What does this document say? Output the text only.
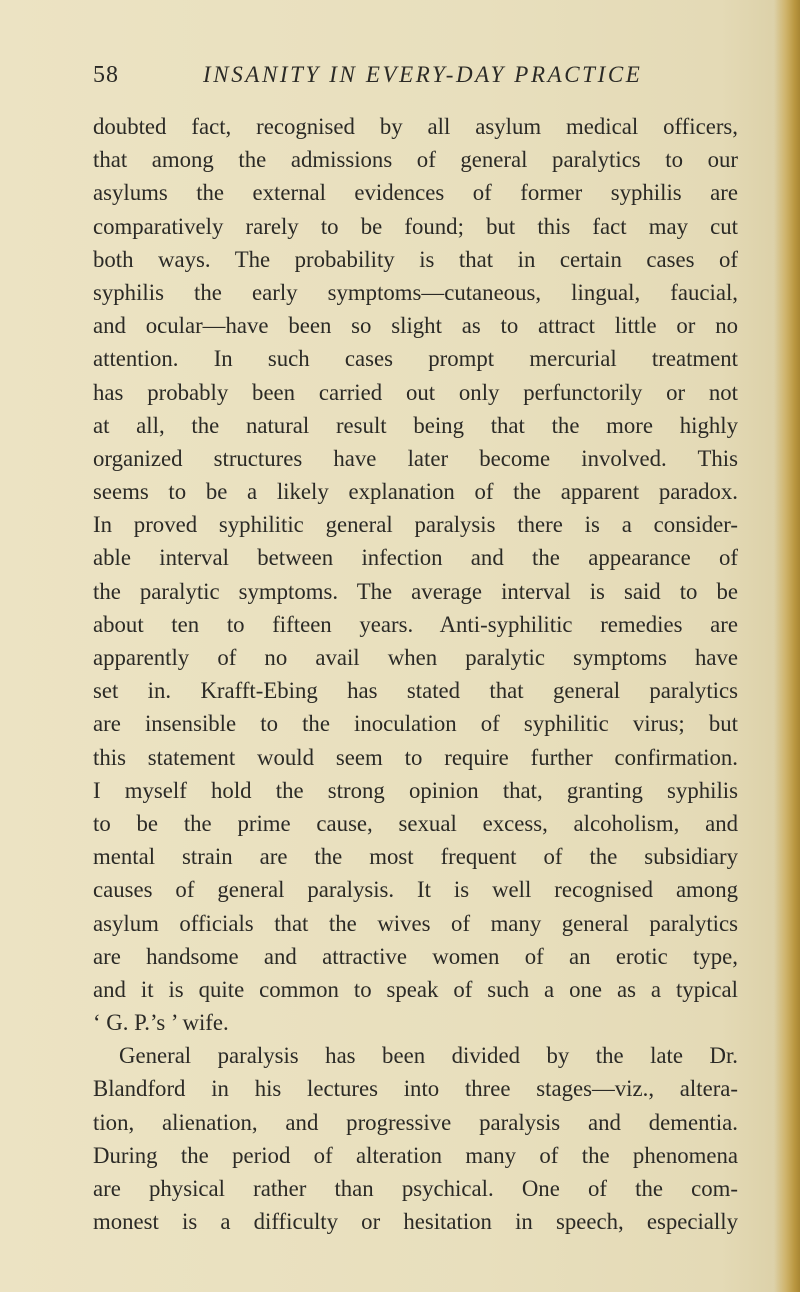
58	INSANITY IN EVERY-DAY PRACTICE
doubted fact, recognised by all asylum medical officers,
that among the admissions of general paralytics to our
asylums the external evidences of former syphilis are
comparatively rarely to be found; but this fact may cut
both ways. The probability is that in certain cases of
syphilis the early symptoms—cutaneous, lingual, faucial,
and ocular—have been so slight as to attract little or no
attention. In such cases prompt mercurial treatment
has probably been carried out only perfunctorily or not
at all, the natural result being that the more highly
organized structures have later become involved. This
seems to be a likely explanation of the apparent paradox.
In proved syphilitic general paralysis there is a consider-
able interval between infection and the appearance of
the paralytic symptoms. The average interval is said to be
about ten to fifteen years. Anti-syphilitic remedies are
apparently of no avail when paralytic symptoms have
set in. Krafft-Ebing has stated that general paralytics
are insensible to the inoculation of syphilitic virus; but
this statement would seem to require further confirmation.
I myself hold the strong opinion that, granting syphilis
to be the prime cause, sexual excess, alcoholism, and
mental strain are the most frequent of the subsidiary
causes of general paralysis. It is well recognised among
asylum officials that the wives of many general paralytics
are handsome and attractive women of an erotic type,
and it is quite common to speak of such a one as a typical
‘ G. P.’s ’ wife.
General paralysis has been divided by the late Dr.
Blandford in his lectures into three stages—viz., altera-
tion, alienation, and progressive paralysis and dementia.
During the period of alteration many of the phenomena
are physical rather than psychical. One of the com-
monest is a difficulty or hesitation in speech, especially
